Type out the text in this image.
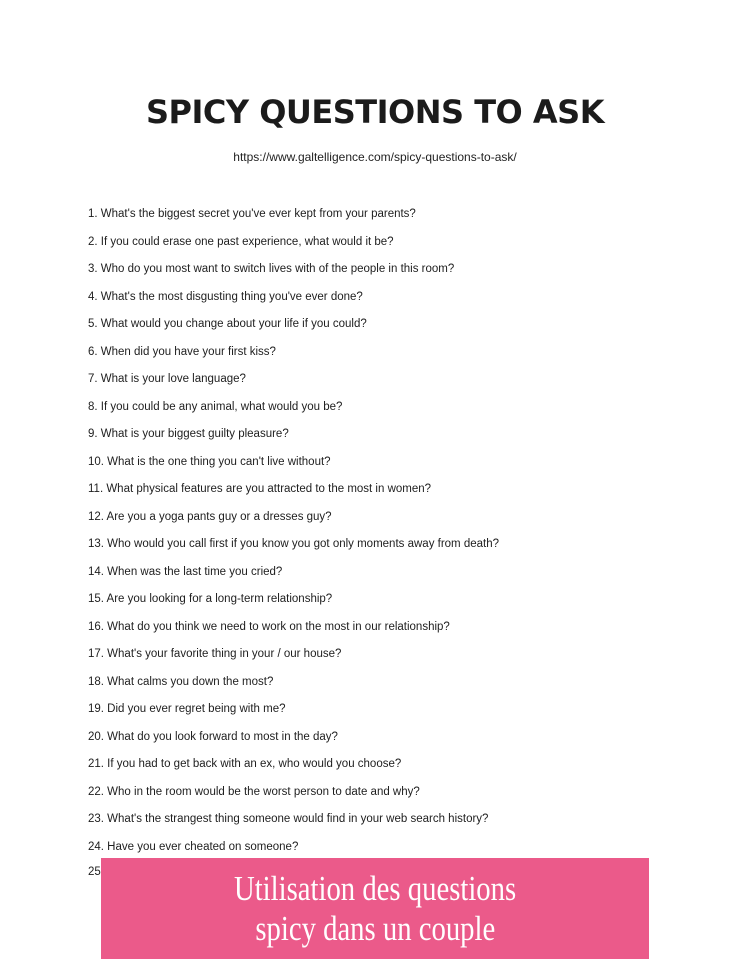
SPICY QUESTIONS TO ASK
https://www.galtelligence.com/spicy-questions-to-ask/
1. What's the biggest secret you've ever kept from your parents?
2. If you could erase one past experience, what would it be?
3. Who do you most want to switch lives with of the people in this room?
4. What's the most disgusting thing you've ever done?
5. What would you change about your life if you could?
6. When did you have your first kiss?
7. What is your love language?
8. If you could be any animal, what would you be?
9. What is your biggest guilty pleasure?
10. What is the one thing you can't live without?
11. What physical features are you attracted to the most in women?
12. Are you a yoga pants guy or a dresses guy?
13. Who would you call first if you know you got only moments away from death?
14. When was the last time you cried?
15. Are you looking for a long-term relationship?
16. What do you think we need to work on the most in our relationship?
17. What's your favorite thing in your / our house?
18. What calms you down the most?
19. Did you ever regret being with me?
20. What do you look forward to most in the day?
21. If you had to get back with an ex, who would you choose?
22. Who in the room would be the worst person to date and why?
23. What's the strangest thing someone would find in your web search history?
24. Have you ever cheated on someone?
25	Utilisation des questions
spicy dans un couple
